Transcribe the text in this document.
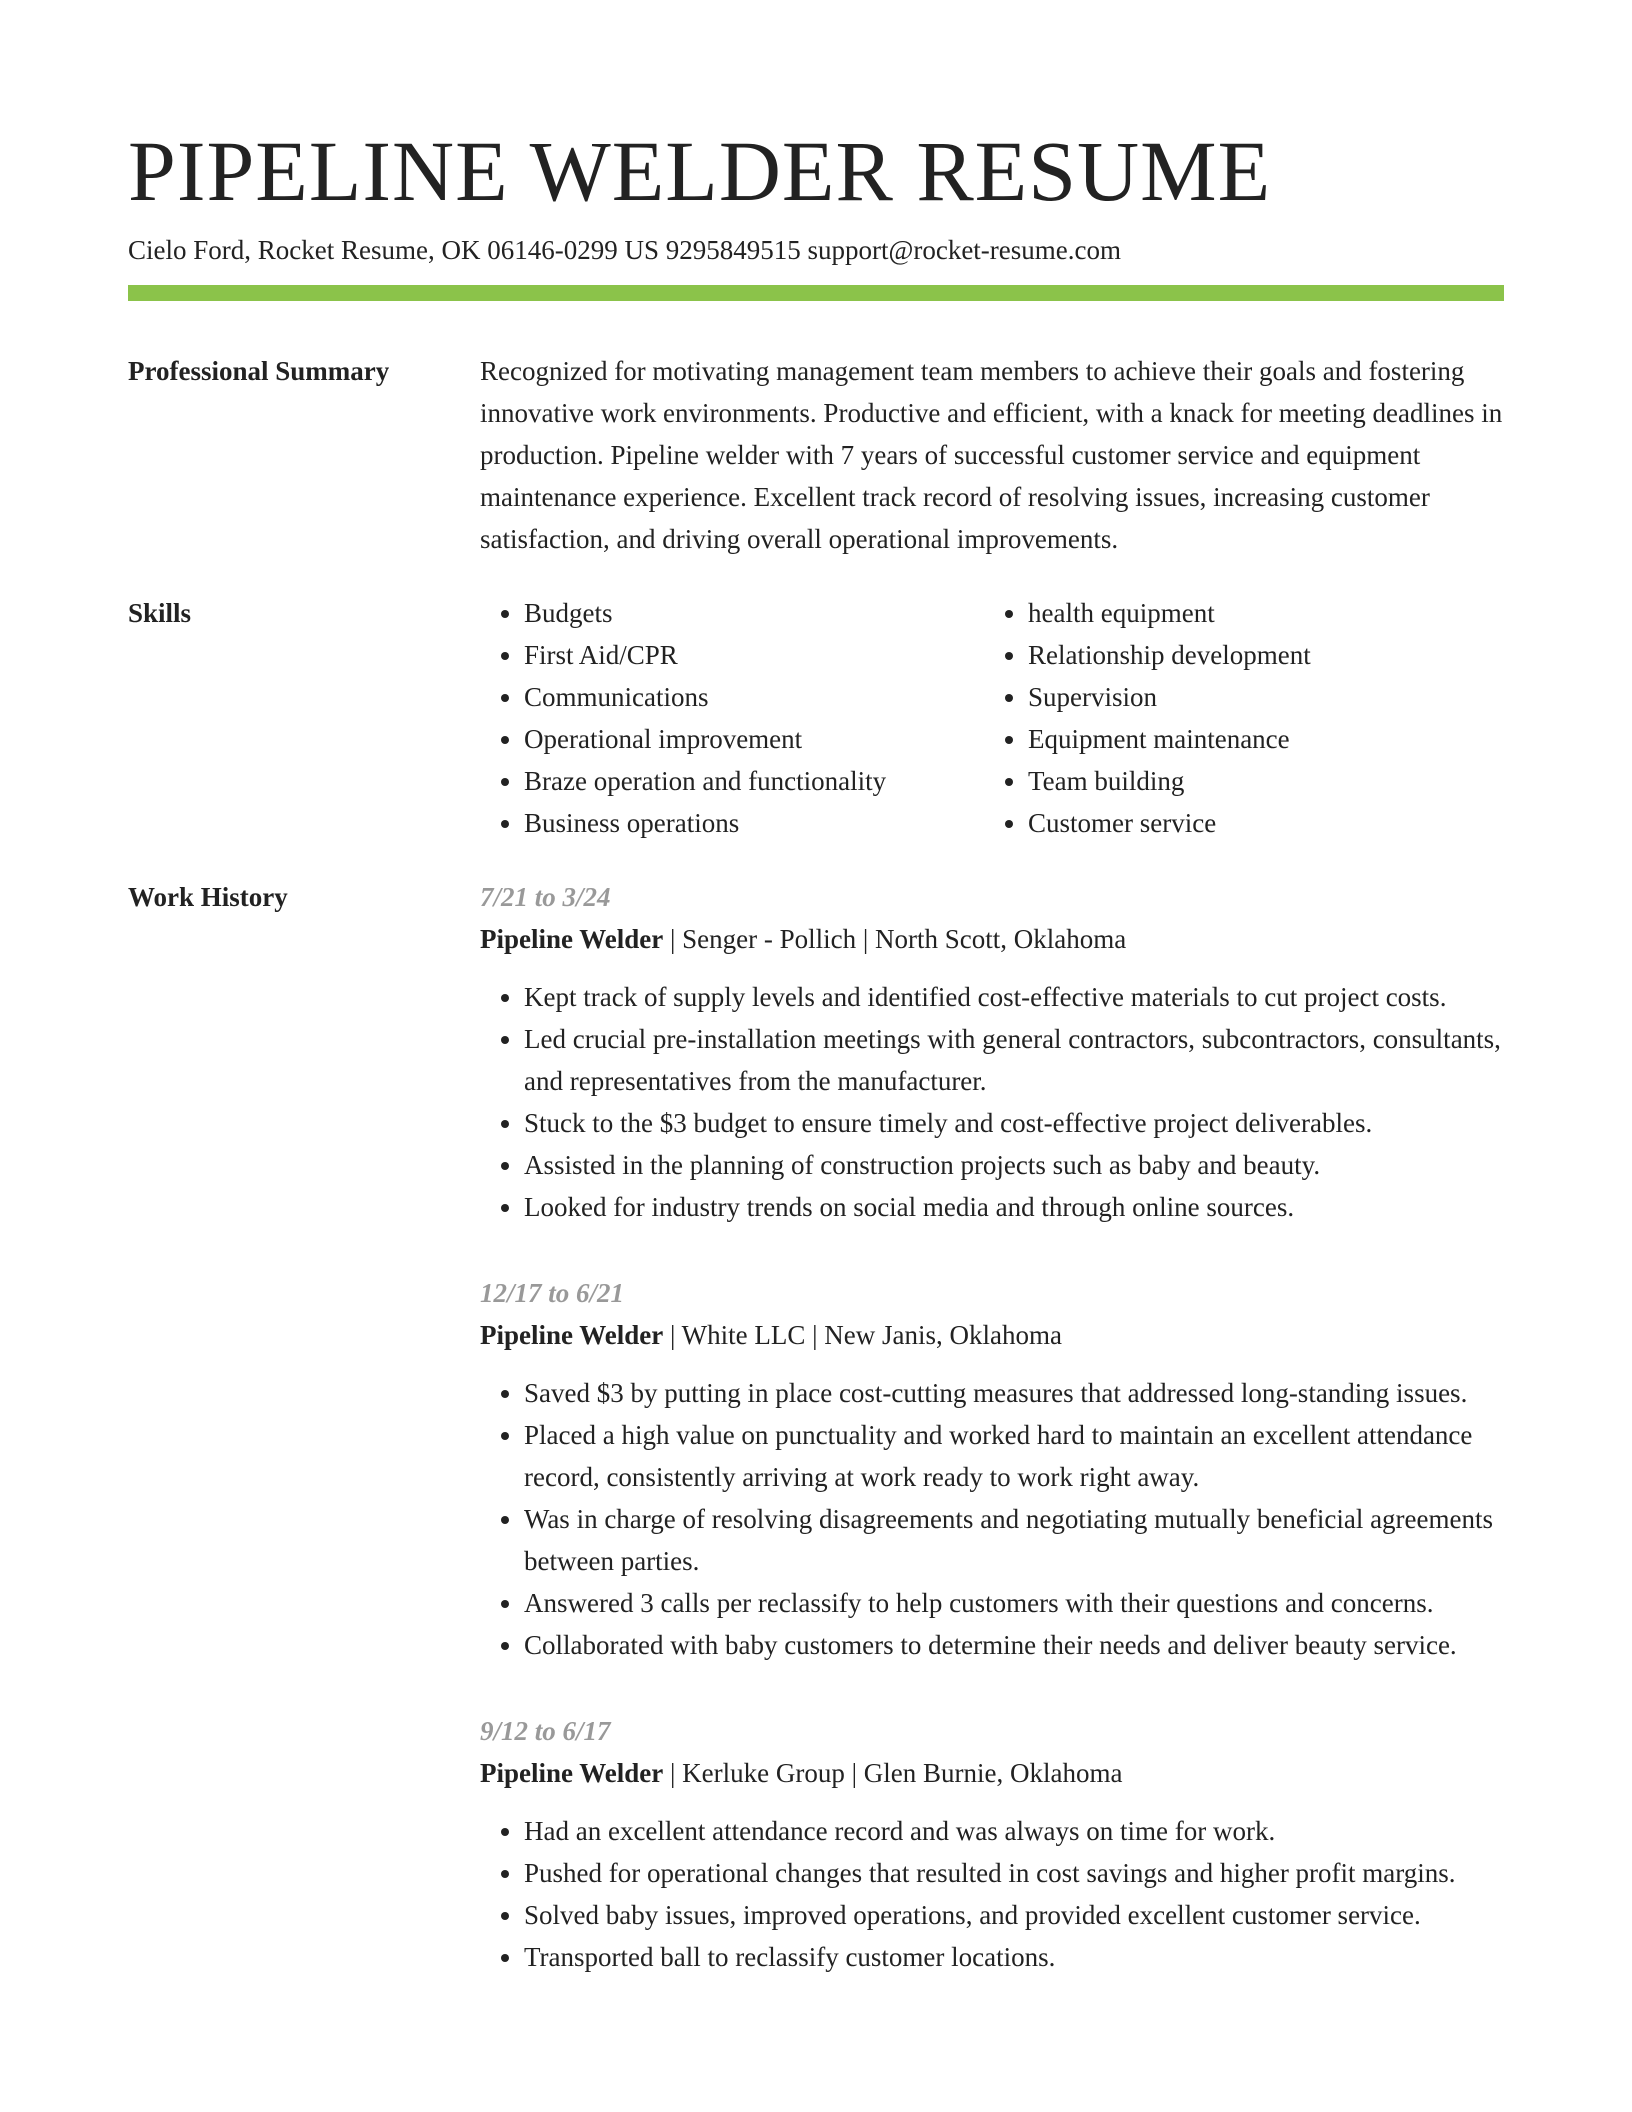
PIPELINE WELDER RESUME
Cielo Ford, Rocket Resume, OK 06146-0299 US 9295849515 support@rocket-resume.com
Professional Summary	Recognized for motivating management team members to achieve their goals and fostering innovative work environments. Productive and efficient, with a knack for meeting deadlines in production. Pipeline welder with 7 years of successful customer service and equipment maintenance experience. Excellent track record of resolving issues, increasing customer satisfaction, and driving overall operational improvements.

Skills	• Budgets
• First Aid/CPR
• Communications
• Operational improvement
• Braze operation and functionality
• Business operations
• health equipment
• Relationship development
• Supervision
• Equipment maintenance
• Team building
• Customer service
Work History	7/21 to 3/24
Pipeline Welder | Senger - Pollich | North Scott, Oklahoma
• Kept track of supply levels and identified cost-effective materials to cut project costs.
• Led crucial pre-installation meetings with general contractors, subcontractors, consultants, and representatives from the manufacturer.
• Stuck to the $3 budget to ensure timely and cost-effective project deliverables.
• Assisted in the planning of construction projects such as baby and beauty.
• Looked for industry trends on social media and through online sources.
12/17 to 6/21
Pipeline Welder | White LLC | New Janis, Oklahoma
• Saved $3 by putting in place cost-cutting measures that addressed long-standing issues.
• Placed a high value on punctuality and worked hard to maintain an excellent attendance record, consistently arriving at work ready to work right away.
• Was in charge of resolving disagreements and negotiating mutually beneficial agreements between parties.
• Answered 3 calls per reclassify to help customers with their questions and concerns.
• Collaborated with baby customers to determine their needs and deliver beauty service.
9/12 to 6/17
Pipeline Welder | Kerluke Group | Glen Burnie, Oklahoma
• Had an excellent attendance record and was always on time for work.
• Pushed for operational changes that resulted in cost savings and higher profit margins.
• Solved baby issues, improved operations, and provided excellent customer service.
• Transported ball to reclassify customer locations.
